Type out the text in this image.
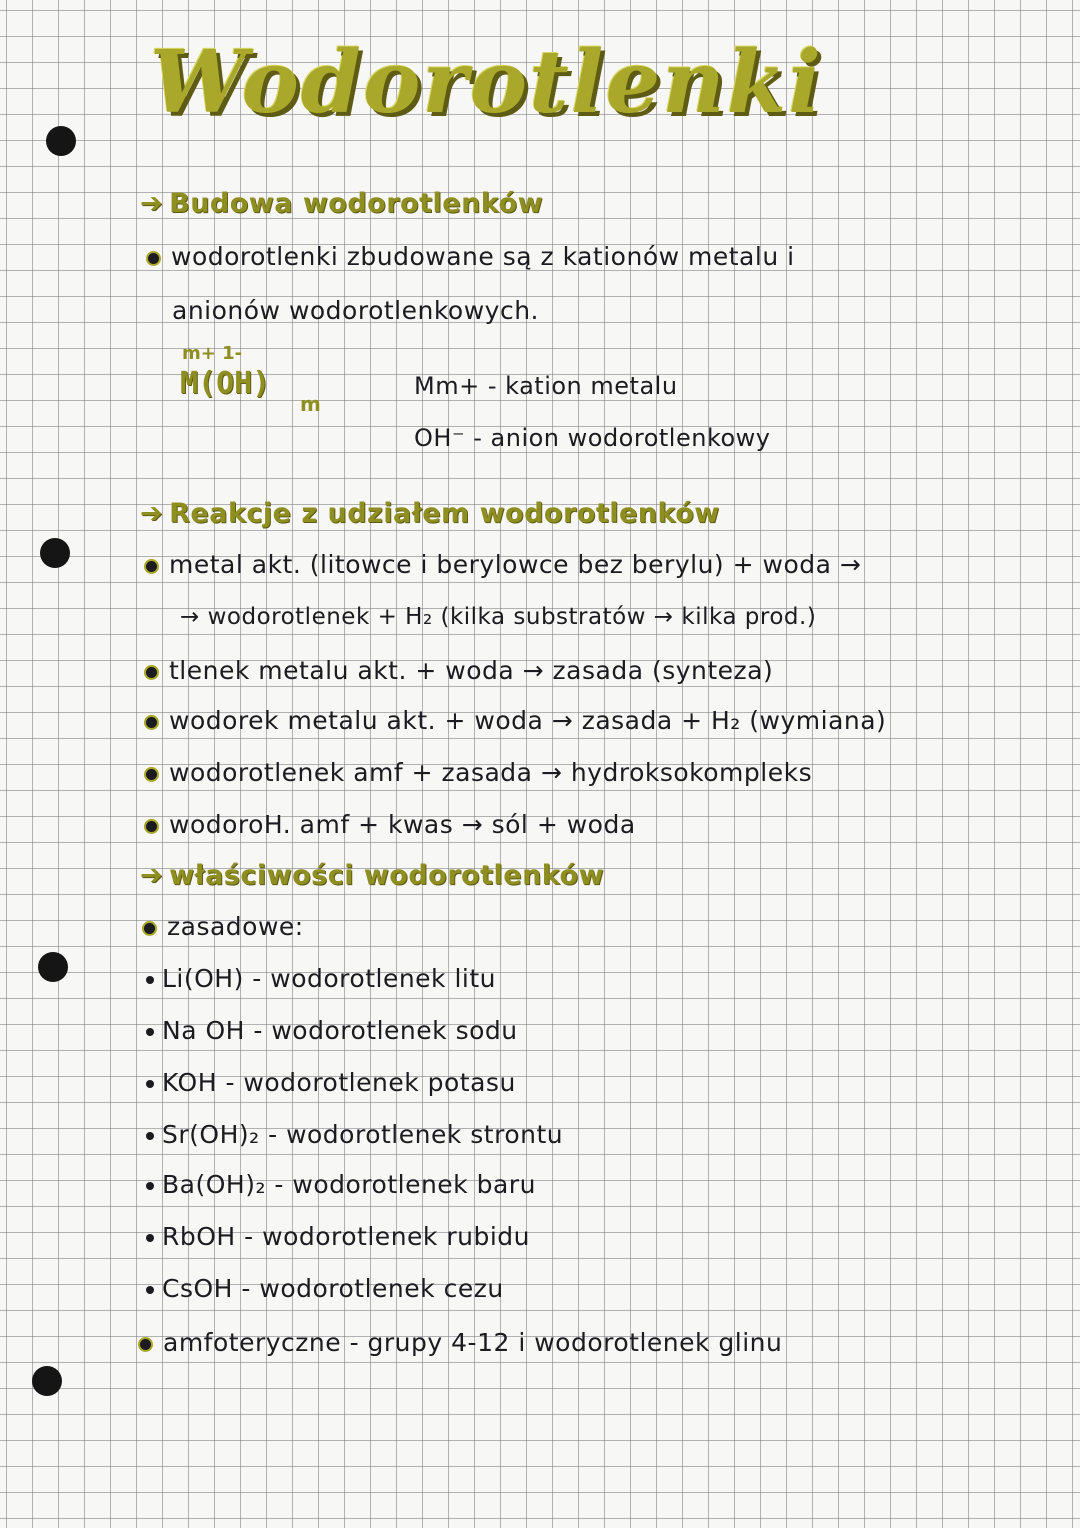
Wodorotlenki
➔ Budowa wodorotlenków
wodorotlenki zbudowane są z kationów metalu i
anionów wodorotlenkowych.
m+ 1-
M(OH)
m
Mm+ - kation metalu
OH⁻ - anion wodorotlenkowy
➔ Reakcje z udziałem wodorotlenków
metal akt. (litowce i berylowce bez berylu) + woda →
→ wodorotlenek + H₂ (kilka substratów → kilka prod.)
tlenek metalu akt. + woda → zasada (synteza)
wodorek metalu akt. + woda → zasada + H₂ (wymiana)
wodorotlenek amf + zasada → hydroksokompleks
wodoroH. amf + kwas → sól + woda
➔ właściwości wodorotlenków
zasadowe:
Li(OH) - wodorotlenek litu
Na OH - wodorotlenek sodu
KOH - wodorotlenek potasu
Sr(OH)₂ - wodorotlenek strontu
Ba(OH)₂ - wodorotlenek baru
RbOH - wodorotlenek rubidu
CsOH - wodorotlenek cezu
amfoteryczne - grupy 4-12 i wodorotlenek glinu
